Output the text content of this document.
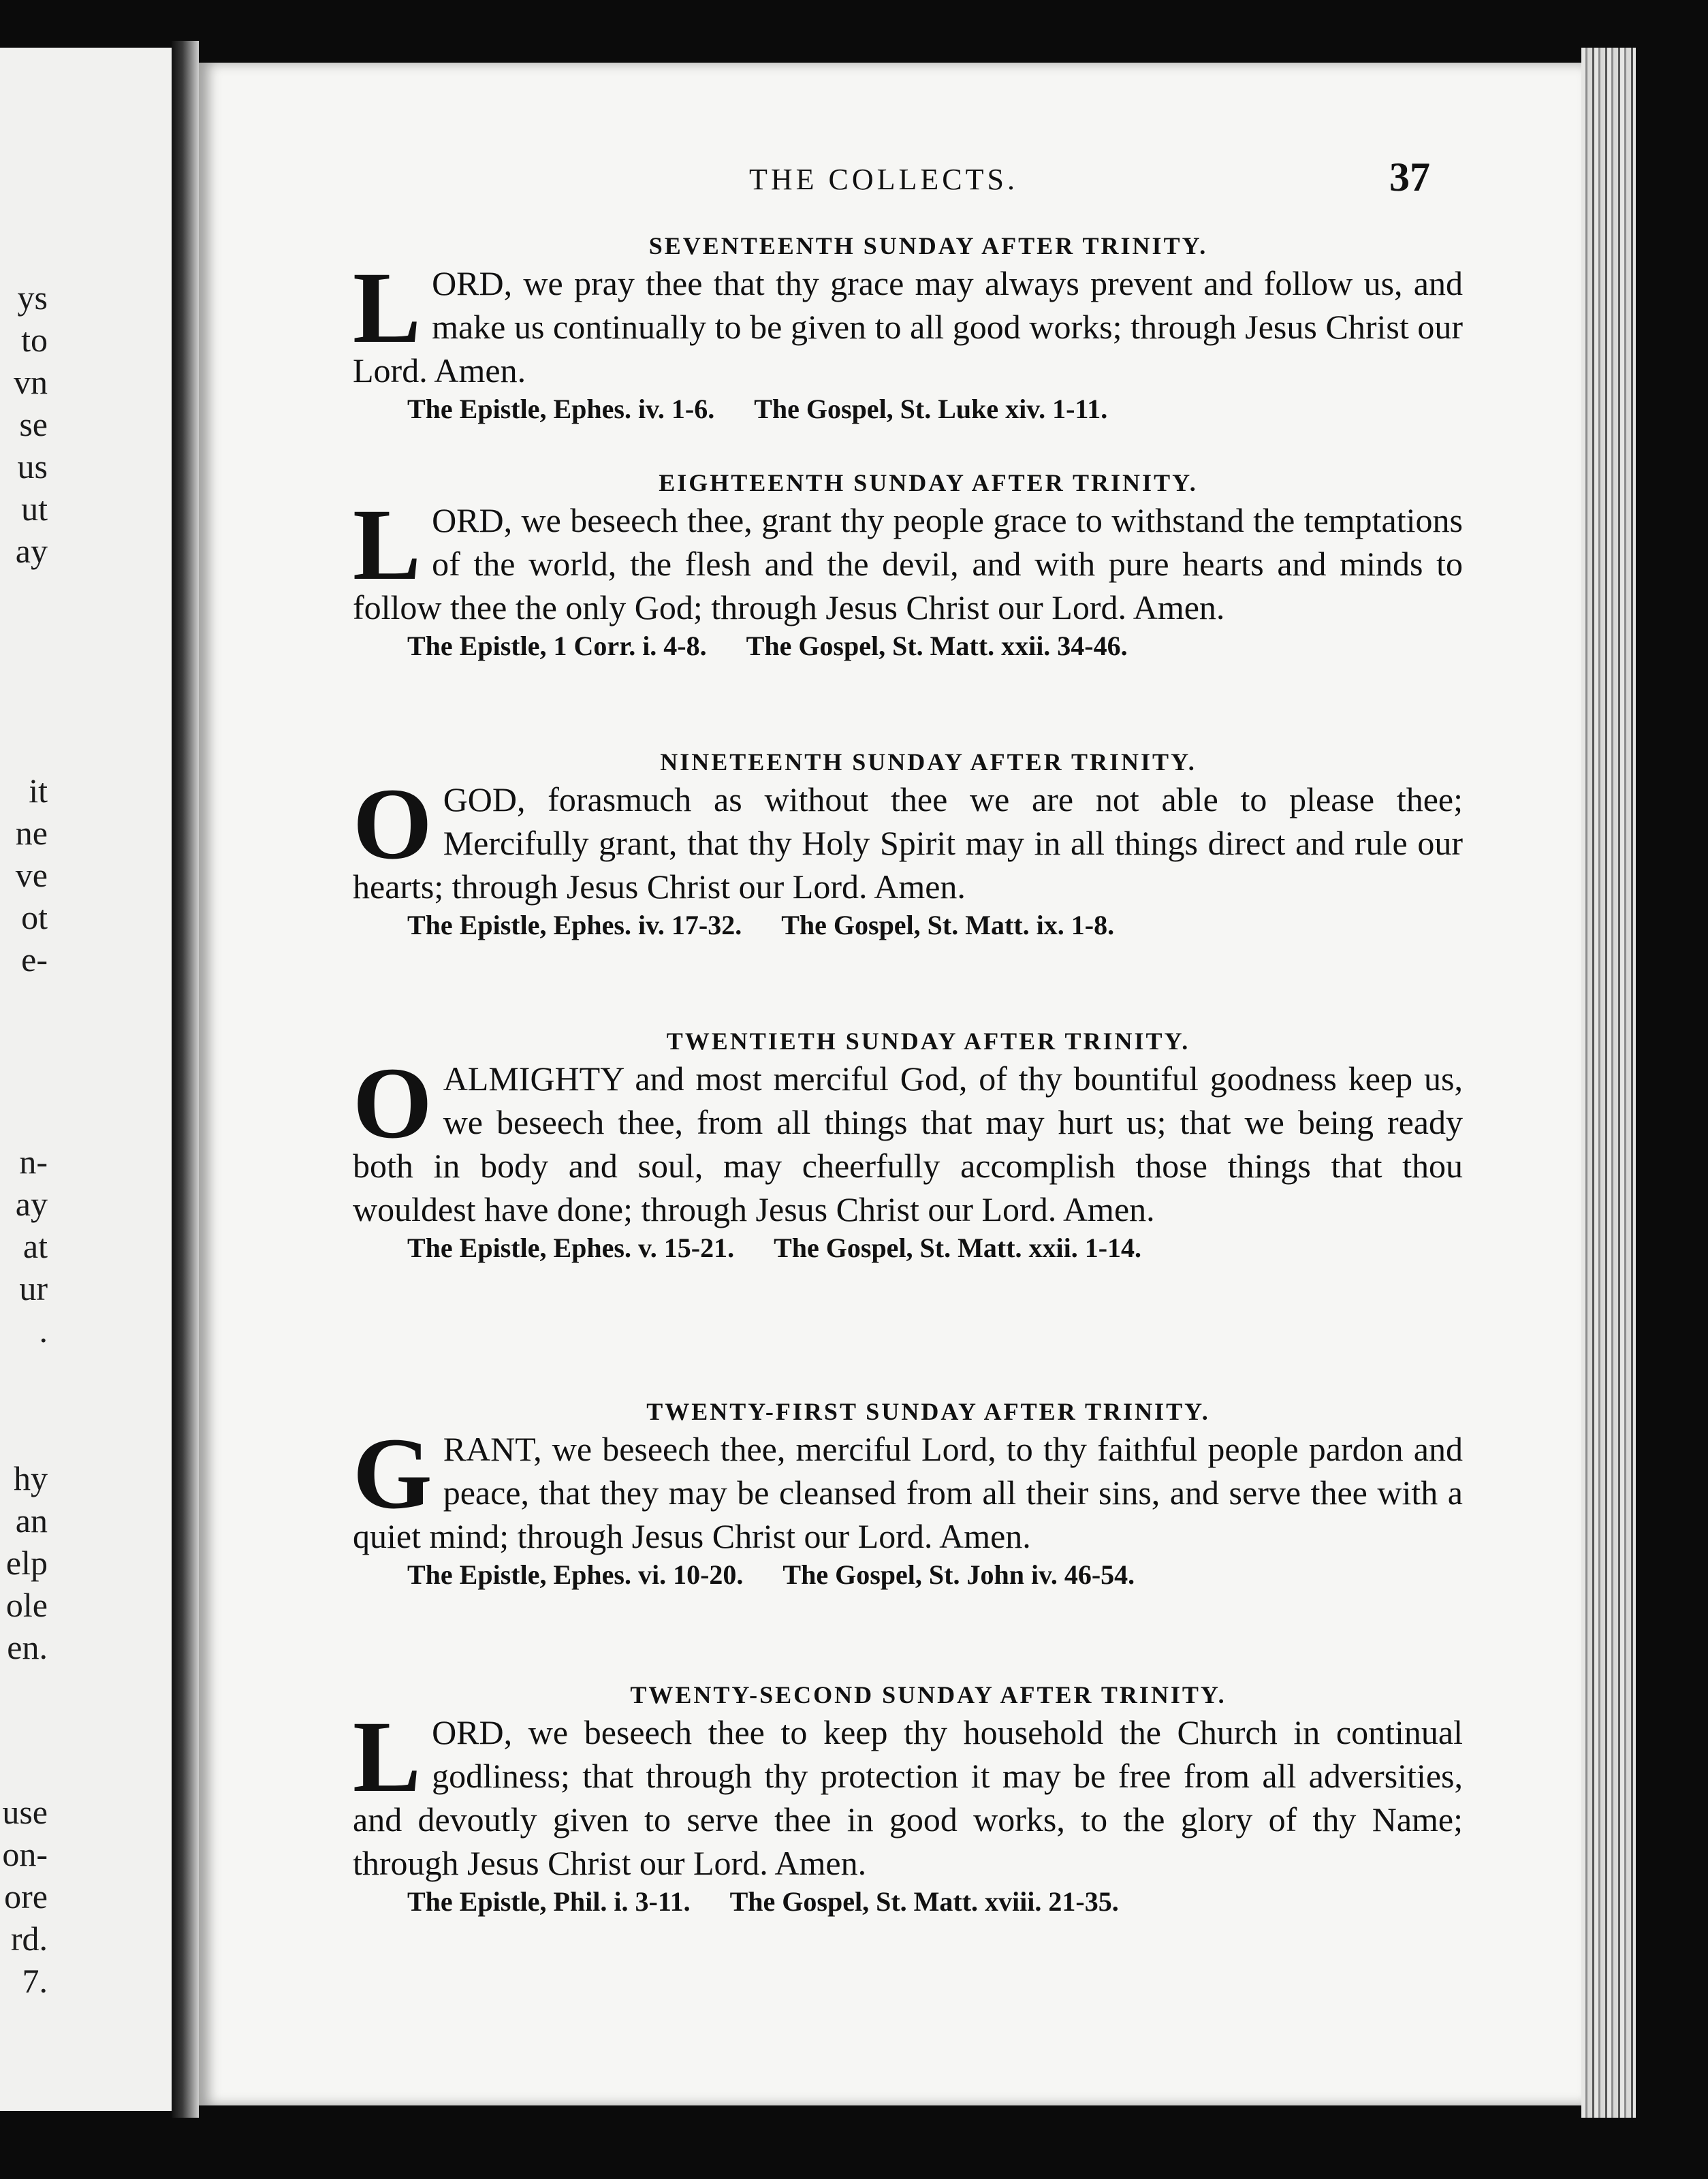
ys
to
vn
se
us
ut
ay
it
ne
ve
ot
e-
n-
ay
at
ur
.
hy
an
elp
ole
en.
use
on-
ore
rd.
7.
THE COLLECTS.	37
SEVENTEENTH SUNDAY AFTER TRINITY.
L ORD, we pray thee that thy grace may always prevent and follow us, and make us continually to be given to all good works; through Jesus Christ our Lord. Amen.
The Epistle, Ephes. iv. 1-6. The Gospel, St. Luke xiv. 1-11.
EIGHTEENTH SUNDAY AFTER TRINITY.
L ORD, we beseech thee, grant thy people grace to withstand the temptations of the world, the flesh and the devil, and with pure hearts and minds to follow thee the only God; through Jesus Christ our Lord. Amen.
The Epistle, 1 Corr. i. 4-8. The Gospel, St. Matt. xxii. 34-46.
NINETEENTH SUNDAY AFTER TRINITY.
O GOD, forasmuch as without thee we are not able to please thee; Mercifully grant, that thy Holy Spirit may in all things direct and rule our hearts; through Jesus Christ our Lord. Amen.
The Epistle, Ephes. iv. 17-32. The Gospel, St. Matt. ix. 1-8.
TWENTIETH SUNDAY AFTER TRINITY.
O ALMIGHTY and most merciful God, of thy bountiful goodness keep us, we beseech thee, from all things that may hurt us; that we being ready both in body and soul, may cheerfully accomplish those things that thou wouldest have done; through Jesus Christ our Lord. Amen.
The Epistle, Ephes. v. 15-21. The Gospel, St. Matt. xxii. 1-14.
TWENTY-FIRST SUNDAY AFTER TRINITY.
G RANT, we beseech thee, merciful Lord, to thy faithful people pardon and peace, that they may be cleansed from all their sins, and serve thee with a quiet mind; through Jesus Christ our Lord. Amen.
The Epistle, Ephes. vi. 10-20. The Gospel, St. John iv. 46-54.
TWENTY-SECOND SUNDAY AFTER TRINITY.
L ORD, we beseech thee to keep thy household the Church in continual godliness; that through thy protection it may be free from all adversities, and devoutly given to serve thee in good works, to the glory of thy Name; through Jesus Christ our Lord. Amen.
The Epistle, Phil. i. 3-11. The Gospel, St. Matt. xviii. 21-35.
